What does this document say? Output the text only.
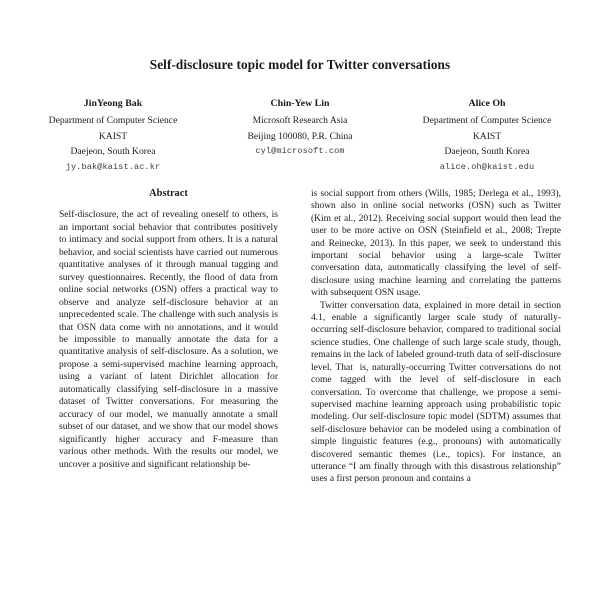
Self-disclosure topic model for Twitter conversations
JinYeong Bak
Department of Computer Science
KAIST
Daejeon, South Korea
jy.bak@kaist.ac.kr
Chin-Yew Lin
Microsoft Research Asia
Beijing 100080, P.R. China
cyl@microsoft.com
Alice Oh
Department of Computer Science
KAIST
Daejeon, South Korea
alice.oh@kaist.edu
Abstract

Self-disclosure, the act of revealing oneself to others, is an important social behavior that contributes positively to intimacy and social support from others. It is a natural behavior, and social scientists have carried out numerous quantitative analyses of it through manual tagging and survey questionnaires. Recently, the flood of data from online social networks (OSN) offers a practical way to observe and analyze self-disclosure behavior at an unprecedented scale. The challenge with such analysis is that OSN data come with no annotations, and it would be impossible to manually annotate the data for a quantitative analysis of self-disclosure. As a solution, we propose a semi-supervised machine learning approach, using a variant of latent Dirichlet allocation for automatically classifying self-disclosure in a massive dataset of Twitter conversations. For measuring the accuracy of our model, we manually annotate a small subset of our dataset, and we show that our model shows significantly higher accuracy and F-measure than various other methods. With the results our model, we uncover a positive and significant relationship be-

is social support from others (Wills, 1985; Derlega et al., 1993), shown also in online social networks (OSN) such as Twitter (Kim et al., 2012). Receiving social support would then lead the user to be more active on OSN (Steinfield et al., 2008; Trepte and Reinecke, 2013). In this paper, we seek to understand this important social behavior using a large-scale Twitter conversation data, automatically classifying the level of self-disclosure using machine learning and correlating the patterns with subsequent OSN usage.

Twitter conversation data, explained in more detail in section 4.1, enable a significantly larger scale study of naturally-occurring self-disclosure behavior, compared to traditional social science studies. One challenge of such large scale study, though, remains in the lack of labeled ground-truth data of self-disclosure level. That is, naturally-occurring Twitter conversations do not come tagged with the level of self-disclosure in each conversation. To overcome that challenge, we propose a semi-supervised machine learning approach using probabilistic topic modeling. Our self-disclosure topic model (SDTM) assumes that self-disclosure behavior can be modeled using a combination of simple linguistic features (e.g., pronouns) with automatically discovered semantic themes (i.e., topics). For instance, an utterance “I am finally through with this disastrous relationship” uses a first person pronoun and contains a
